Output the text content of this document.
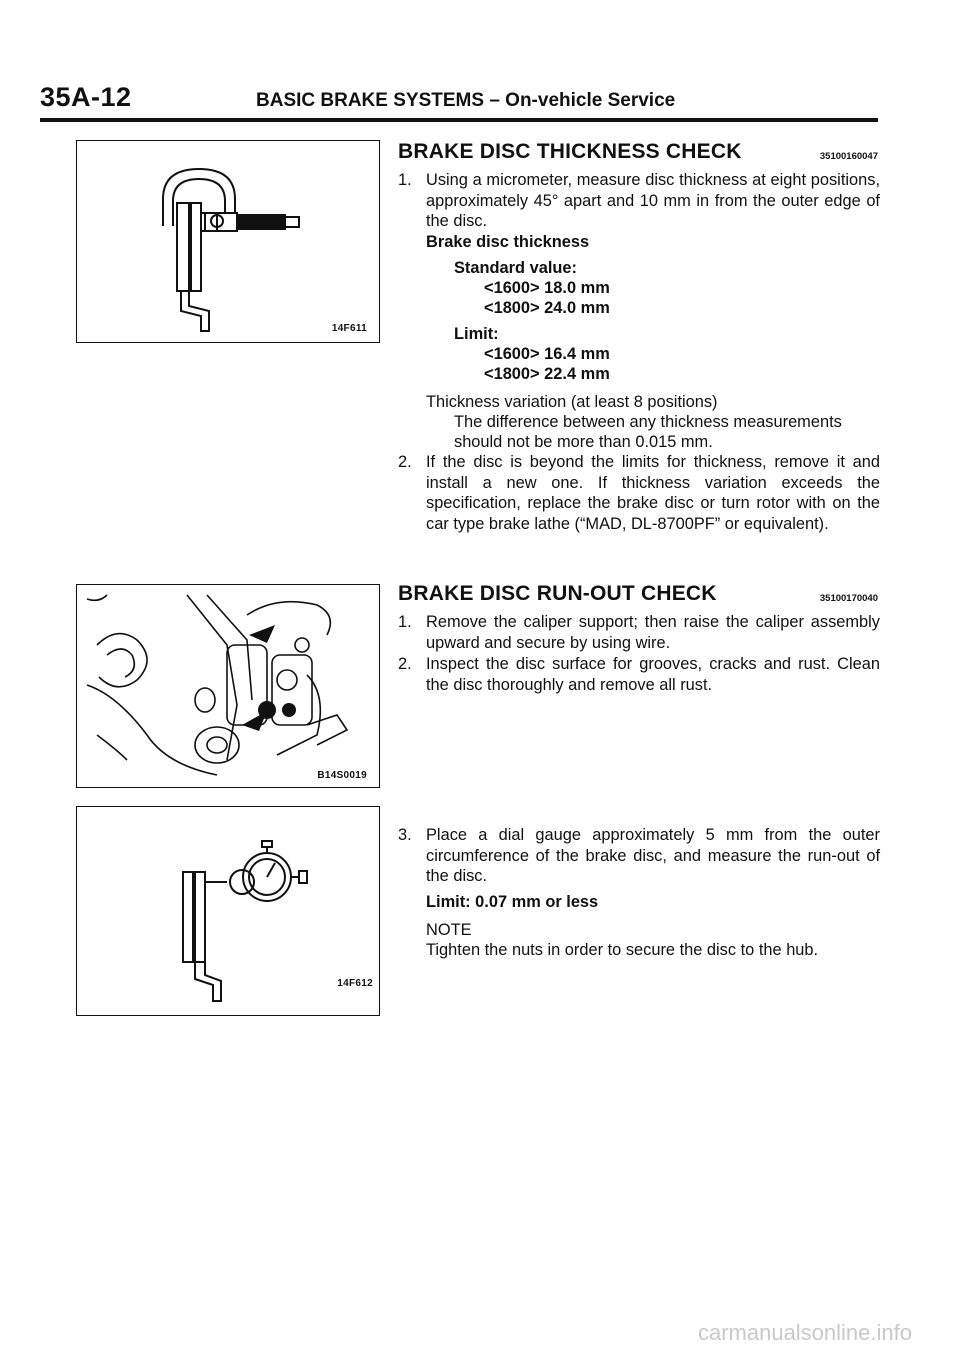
35A-12	BASIC BRAKE SYSTEMS – On-vehicle Service
14F611
B14S0019
14F612
BRAKE DISC THICKNESS CHECK	35100160047
1. Using a micrometer, measure disc thickness at eight positions, approximately 45° apart and 10 mm in from the outer edge of the disc.
Brake disc thickness
Standard value:
<1600> 18.0 mm
<1800> 24.0 mm
Limit:
<1600> 16.4 mm
<1800> 22.4 mm
Thickness variation (at least 8 positions)
The difference between any thickness measurements
should not be more than 0.015 mm.
2. If the disc is beyond the limits for thickness, remove it and install a new one. If thickness variation exceeds the specification, replace the brake disc or turn rotor with on the car type brake lathe (“MAD, DL-8700PF” or equivalent).
BRAKE DISC RUN-OUT CHECK	35100170040
1. Remove the caliper support; then raise the caliper assembly upward and secure by using wire.
2. Inspect the disc surface for grooves, cracks and rust. Clean the disc thoroughly and remove all rust.
3. Place a dial gauge approximately 5 mm from the outer circumference of the brake disc, and measure the run-out of the disc.
Limit: 0.07 mm or less
NOTE
Tighten the nuts in order to secure the disc to the hub.
carmanualsonline.info
